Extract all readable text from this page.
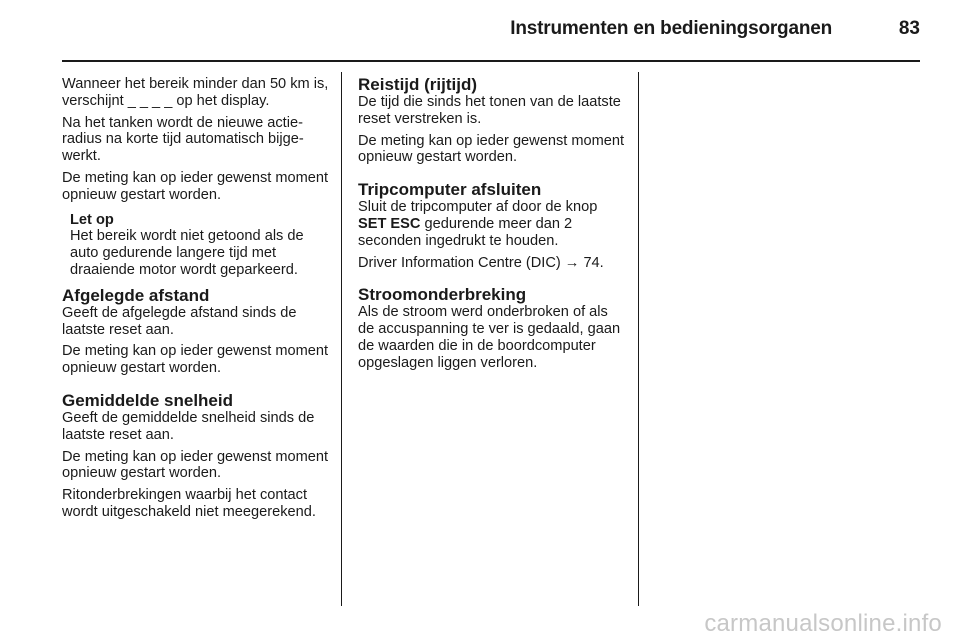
Instrumenten en bedieningsorganen	83

Wanneer het bereik minder dan 50 km is, verschijnt _ _ _ _ op het display.

Na het tanken wordt de nieuwe actieradius na korte tijd automatisch bijgewerkt.

De meting kan op ieder gewenst moment opnieuw gestart worden.

Let op

Het bereik wordt niet getoond als de auto gedurende langere tijd met draaiende motor wordt geparkeerd.

Afgelegde afstand

Geeft de afgelegde afstand sinds de laatste reset aan.

De meting kan op ieder gewenst moment opnieuw gestart worden.

Gemiddelde snelheid

Geeft de gemiddelde snelheid sinds de laatste reset aan.

De meting kan op ieder gewenst moment opnieuw gestart worden.

Ritonderbrekingen waarbij het contact wordt uitgeschakeld niet meegerekend.

Reistijd (rijtijd)

De tijd die sinds het tonen van de laatste reset verstreken is.

De meting kan op ieder gewenst moment opnieuw gestart worden.

Tripcomputer afsluiten

Sluit de tripcomputer af door de knop SET ESC gedurende meer dan 2 seconden ingedrukt te houden.

Driver Information Centre (DIC) → 74.

Stroomonderbreking

Als de stroom werd onderbroken of als de accuspanning te ver is gedaald, gaan de waarden die in de boordcomputer opgeslagen liggen verloren.

carmanualsonline.info
